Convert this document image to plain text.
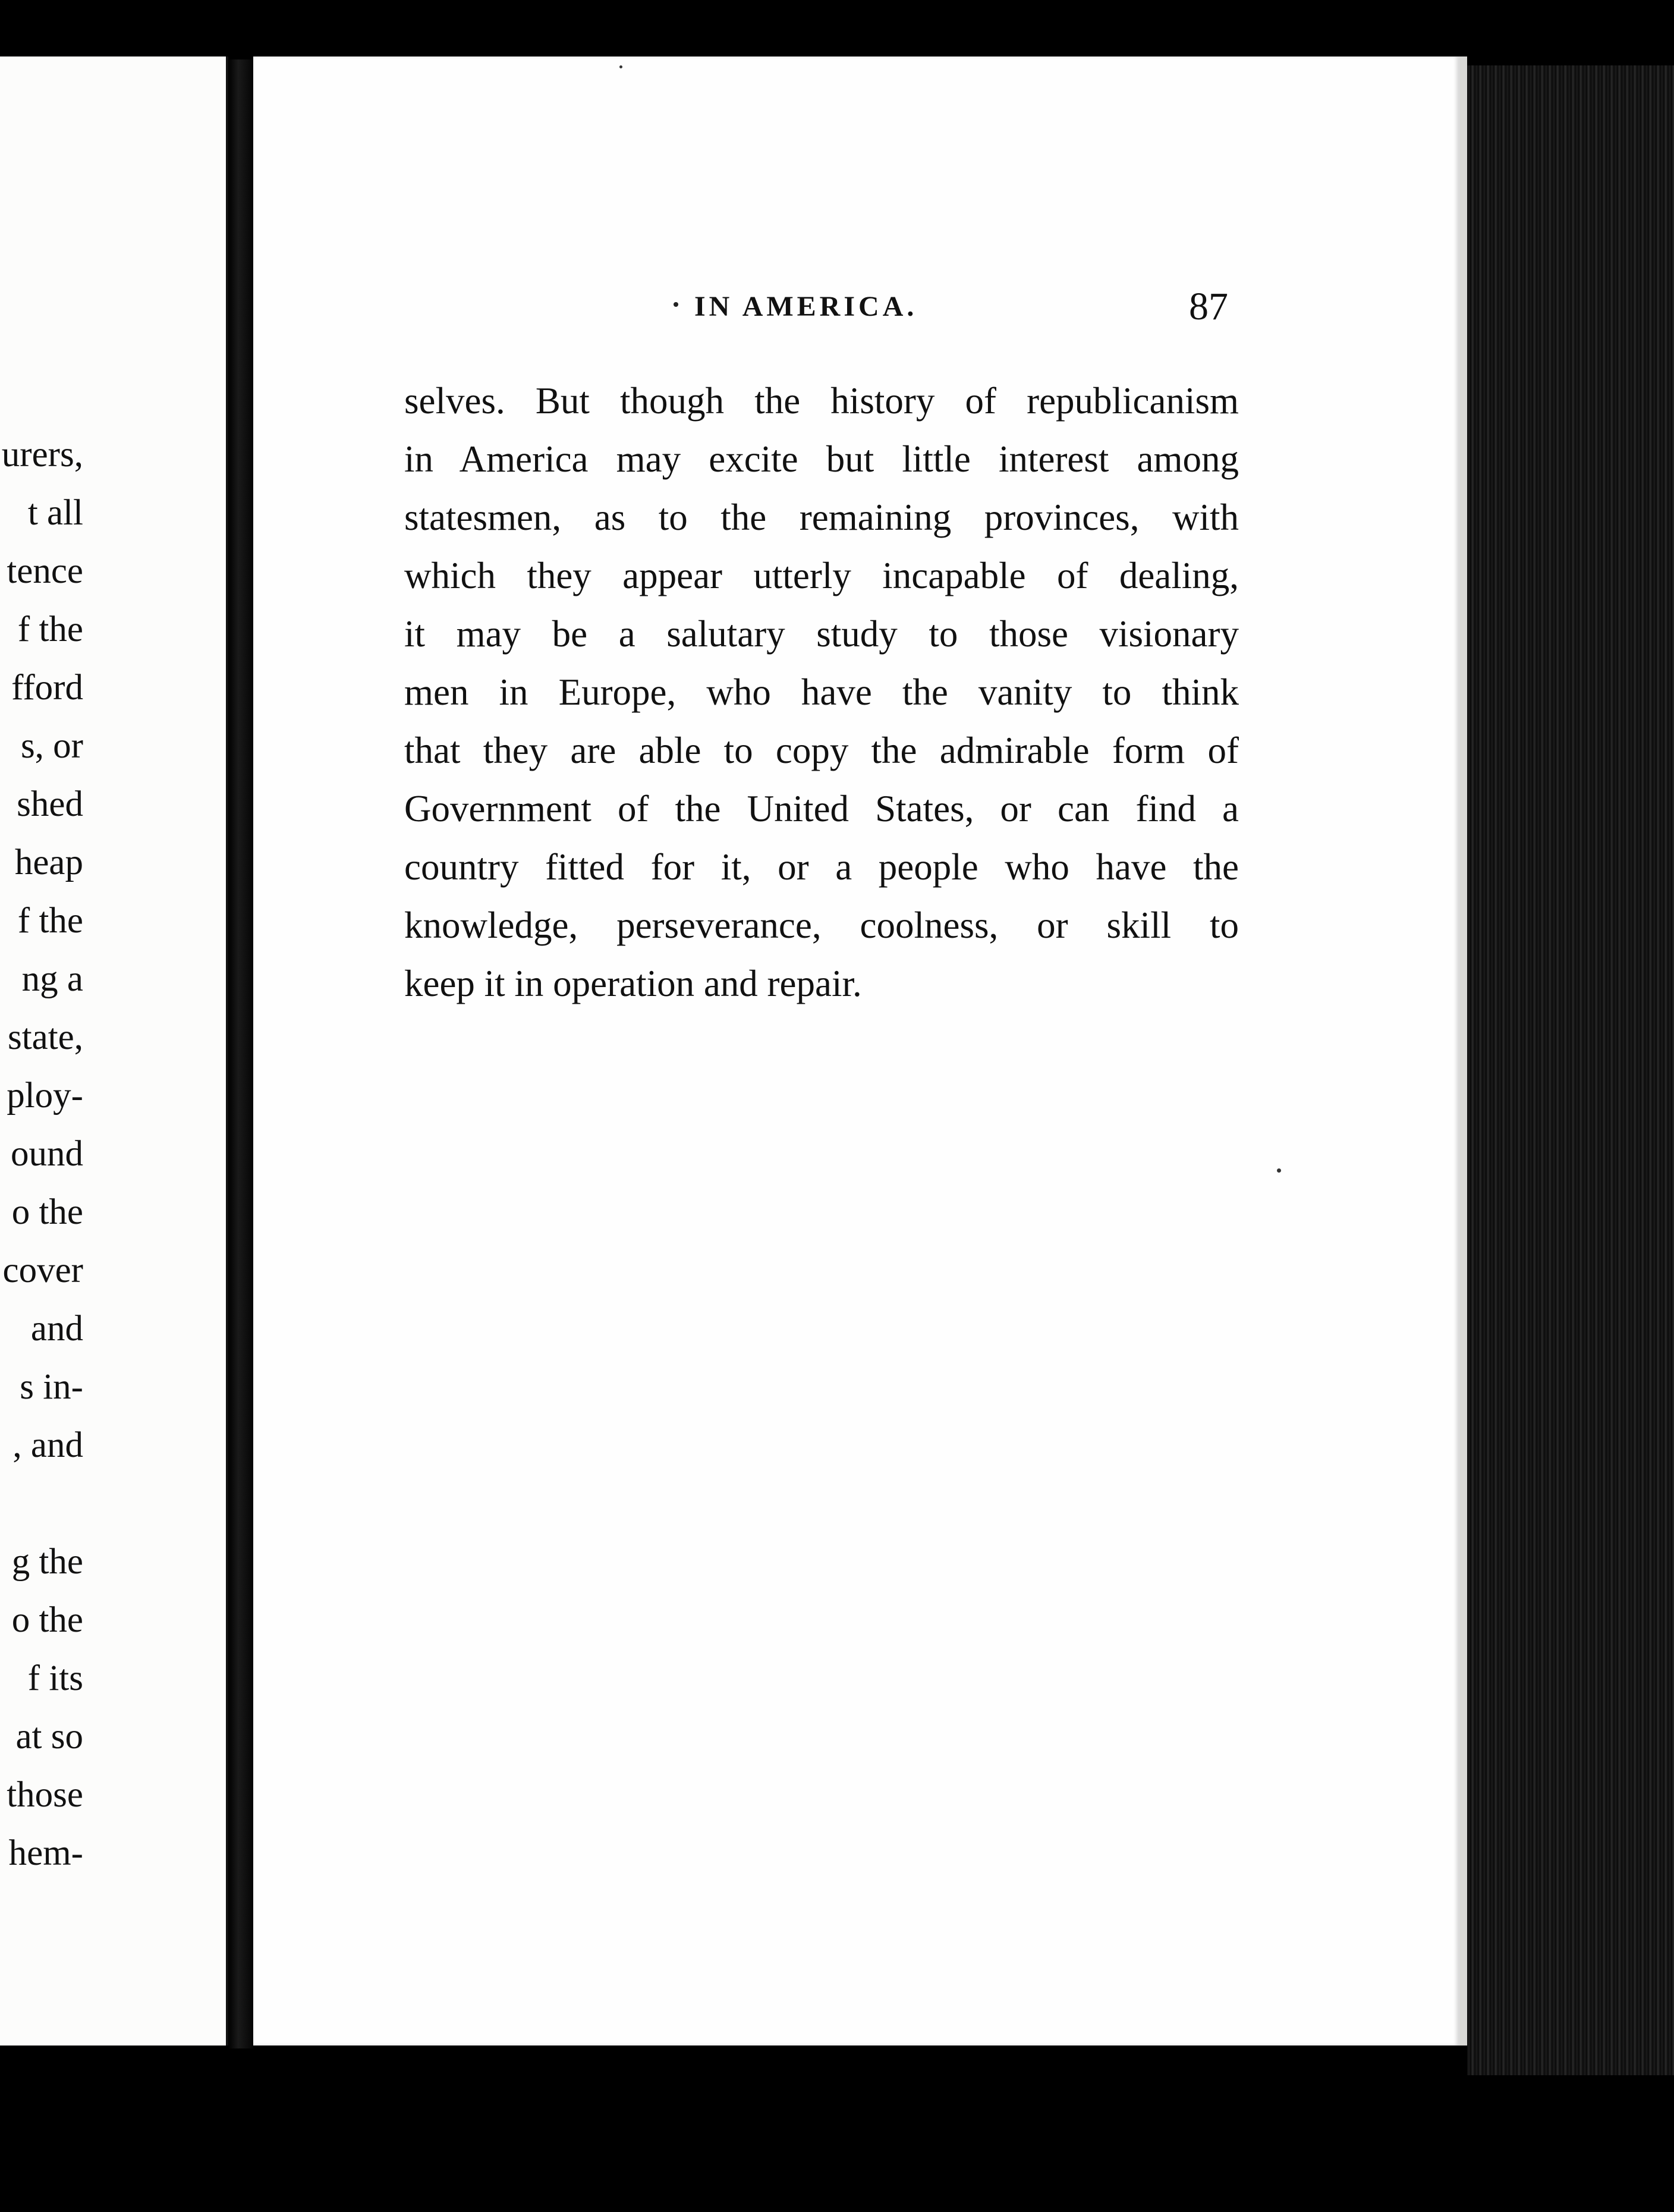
urers,
t all
tence
f the
fford
s, or
shed
heap
f the
ng a
state,
ploy-
ound
o the
cover
and
s in-
, and
g the
o the
f its
at so
those
hem-
IN AMERICA.	87
selves. But though the history of republicanism
in America may excite but little interest among
statesmen, as to the remaining provinces, with
which they appear utterly incapable of dealing,
it may be a salutary study to those visionary
men in Europe, who have the vanity to think
that they are able to copy the admirable form of
Government of the United States, or can find a
country fitted for it, or a people who have the
knowledge, perseverance, coolness, or skill to
keep it in operation and repair.
